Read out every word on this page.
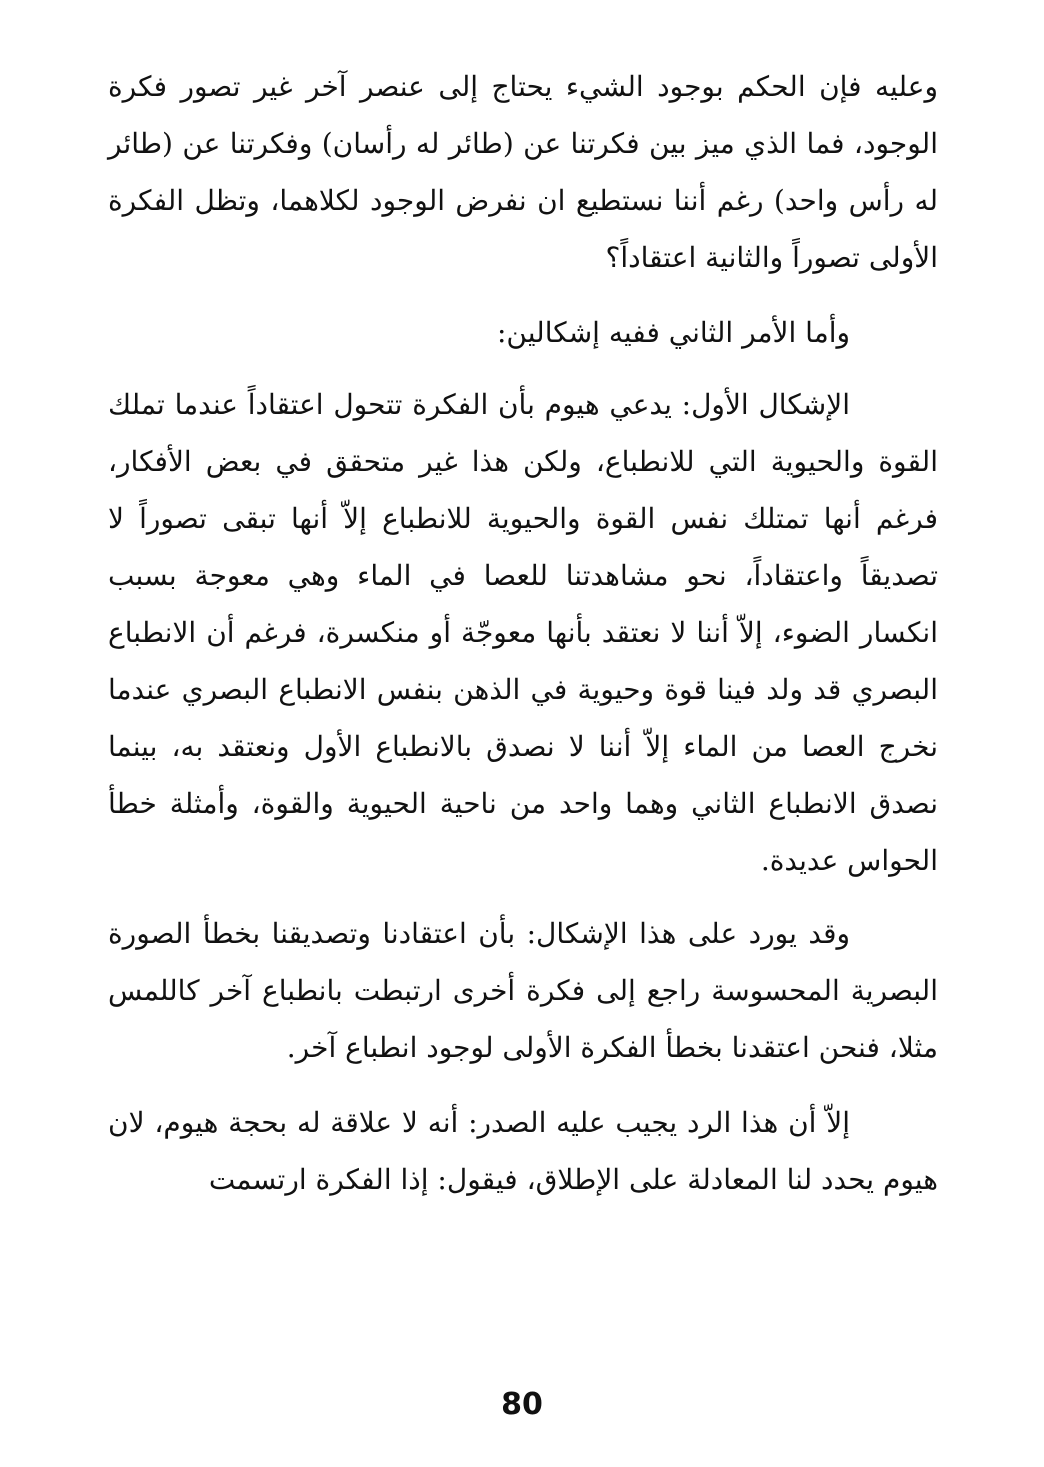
وعليه فإن الحكم بوجود الشيء يحتاج إلى عنصر آخر غير تصور فكرة الوجود، فما الذي ميز بين فكرتنا عن (طائر له رأسان) وفكرتنا عن (طائر له رأس واحد) رغم أننا نستطيع ان نفرض الوجود لكلاهما، وتظل الفكرة الأولى تصوراً والثانية اعتقاداً؟

وأما الأمر الثاني ففيه إشكالين:

الإشكال الأول: يدعي هيوم بأن الفكرة تتحول اعتقاداً عندما تملك القوة والحيوية التي للانطباع، ولكن هذا غير متحقق في بعض الأفكار، فرغم أنها تمتلك نفس القوة والحيوية للانطباع إلاّ أنها تبقى تصوراً لا تصديقاً واعتقاداً، نحو مشاهدتنا للعصا في الماء وهي معوجة بسبب انكسار الضوء، إلاّ أننا لا نعتقد بأنها معوجّة أو منكسرة، فرغم أن الانطباع البصري قد ولد فينا قوة وحيوية في الذهن بنفس الانطباع البصري عندما نخرج العصا من الماء إلاّ أننا لا نصدق بالانطباع الأول ونعتقد به، بينما نصدق الانطباع الثاني وهما واحد من ناحية الحيوية والقوة، وأمثلة خطأ الحواس عديدة.

وقد يورد على هذا الإشكال: بأن اعتقادنا وتصديقنا بخطأ الصورة البصرية المحسوسة راجع إلى فكرة أخرى ارتبطت بانطباع آخر كاللمس مثلا، فنحن اعتقدنا بخطأ الفكرة الأولى لوجود انطباع آخر.

إلاّ أن هذا الرد يجيب عليه الصدر: أنه لا علاقة له بحجة هيوم، لان هيوم يحدد لنا المعادلة على الإطلاق، فيقول: إذا الفكرة ارتسمت

80
